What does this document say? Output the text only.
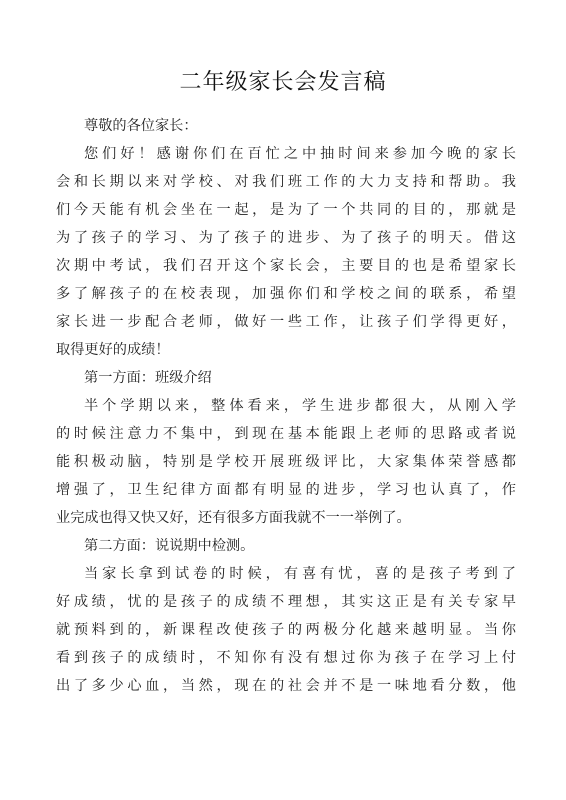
二年级家长会发言稿
尊敬的各位家长：
您们好！感谢你们在百忙之中抽时间来参加今晚的家长
会和长期以来对学校、对我们班工作的大力支持和帮助。我
们今天能有机会坐在一起，是为了一个共同的目的，那就是
为了孩子的学习、为了孩子的进步、为了孩子的明天。借这
次期中考试，我们召开这个家长会，主要目的也是希望家长
多了解孩子的在校表现，加强你们和学校之间的联系，希望
家长进一步配合老师，做好一些工作，让孩子们学得更好，
取得更好的成绩！
第一方面：班级介绍
半个学期以来，整体看来，学生进步都很大，从刚入学
的时候注意力不集中，到现在基本能跟上老师的思路或者说
能积极动脑，特别是学校开展班级评比，大家集体荣誉感都
增强了，卫生纪律方面都有明显的进步，学习也认真了，作
业完成也得又快又好，还有很多方面我就不一一举例了。
第二方面：说说期中检测。
当家长拿到试卷的时候，有喜有忧，喜的是孩子考到了
好成绩，忧的是孩子的成绩不理想，其实这正是有关专家早
就预料到的，新课程改使孩子的两极分化越来越明显。当你
看到孩子的成绩时，不知你有没有想过你为孩子在学习上付
出了多少心血，当然，现在的社会并不是一味地看分数，他
